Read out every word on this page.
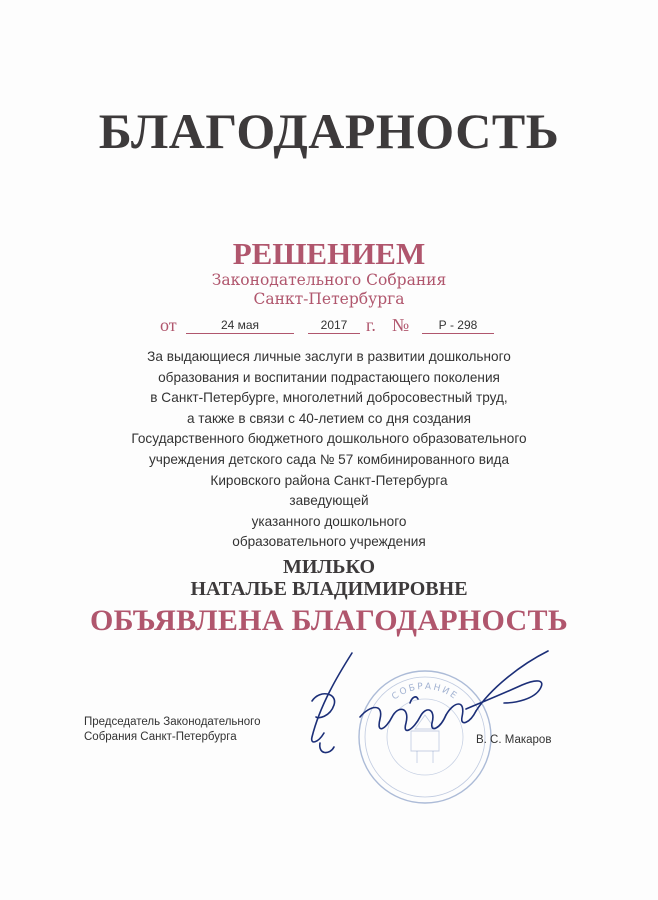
БЛАГОДАРНОСТЬ
РЕШЕНИЕМ
Законодательного Собрания
Санкт-Петербурга
от	24 мая	2017	г. №	Р - 298
За выдающиеся личные заслуги в развитии дошкольного
образования и воспитании подрастающего поколения
в Санкт-Петербурге, многолетний добросовестный труд,
а также в связи с 40-летием со дня создания
Государственного бюджетного дошкольного образовательного
учреждения детского сада № 57 комбинированного вида
Кировского района Санкт-Петербурга
заведующей
указанного дошкольного
образовательного учреждения
МИЛЬКО
НАТАЛЬЕ ВЛАДИМИРОВНЕ
ОБЪЯВЛЕНА БЛАГОДАРНОСТЬ
СОБРАНИЕ
Председатель Законодательного
Собрания Санкт-Петербурга	В. С. Макаров
